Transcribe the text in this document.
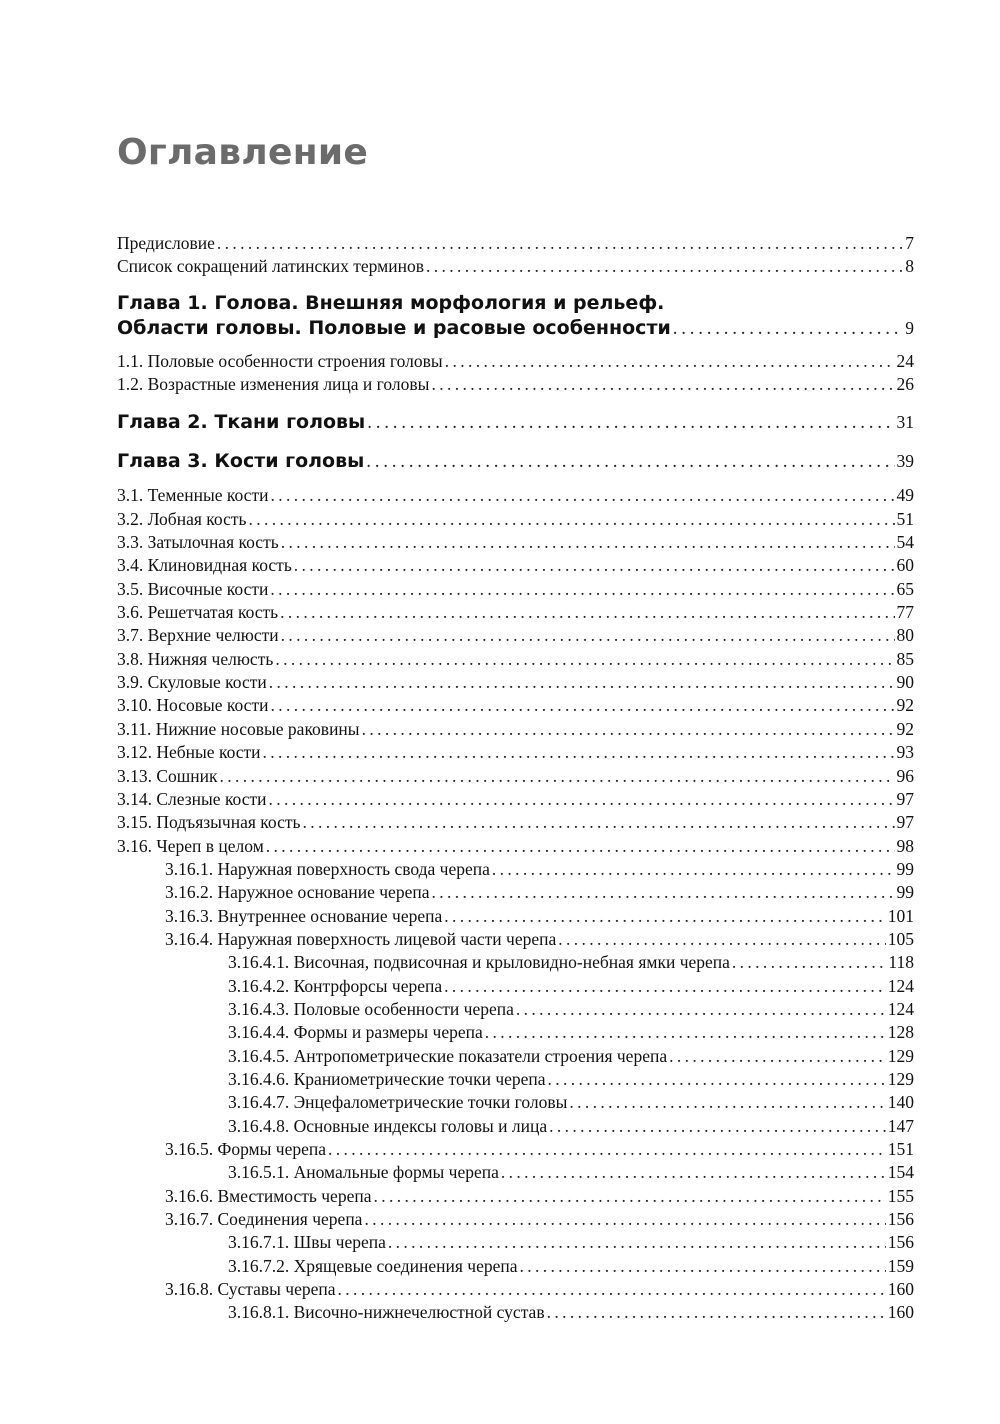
Оглавление
Предисловие . . .	7
Список сокращений латинских терминов . . .	8
Глава 1. Голова. Внешняя морфология и рельеф.
Области головы. Половые и расовые особенности . . .	9
1.1. Половые особенности строения головы . . .	24
1.2. Возрастные изменения лица и головы . . .	26
Глава 2. Ткани головы . . .	31
Глава 3. Кости головы . . .	39
3.1. Теменные кости . . .	49
3.2. Лобная кость . . .	51
3.3. Затылочная кость . . .	54
3.4. Клиновидная кость . . .	60
3.5. Височные кости . . .	65
3.6. Решетчатая кость . . .	77
3.7. Верхние челюсти . . .	80
3.8. Нижняя челюсть . . .	85
3.9. Скуловые кости . . .	90
3.10. Носовые кости . . .	92
3.11. Нижние носовые раковины . . .	92
3.12. Небные кости . . .	93
3.13. Сошник . . .	96
3.14. Слезные кости . . .	97
3.15. Подъязычная кость . . .	97
3.16. Череп в целом . . .	98
3.16.1. Наружная поверхность свода черепа . . .	99
3.16.2. Наружное основание черепа . . .	99
3.16.3. Внутреннее основание черепа . . .	101
3.16.4. Наружная поверхность лицевой части черепа . . .	105
3.16.4.1. Височная, подвисочная и крыловидно-небная ямки черепа . . .	118
3.16.4.2. Контрфорсы черепа . . .	124
3.16.4.3. Половые особенности черепа . . .	124
3.16.4.4. Формы и размеры черепа . . .	128
3.16.4.5. Антропометрические показатели строения черепа . . .	129
3.16.4.6. Краниометрические точки черепа . . .	129
3.16.4.7. Энцефалометрические точки головы . . .	140
3.16.4.8. Основные индексы головы и лица . . .	147
3.16.5. Формы черепа . . .	151
3.16.5.1. Аномальные формы черепа . . .	154
3.16.6. Вместимость черепа . . .	155
3.16.7. Соединения черепа . . .	156
3.16.7.1. Швы черепа . . .	156
3.16.7.2. Хрящевые соединения черепа . . .	159
3.16.8. Суставы черепа . . .	160
3.16.8.1. Височно-нижнечелюстной сустав . . .	160
